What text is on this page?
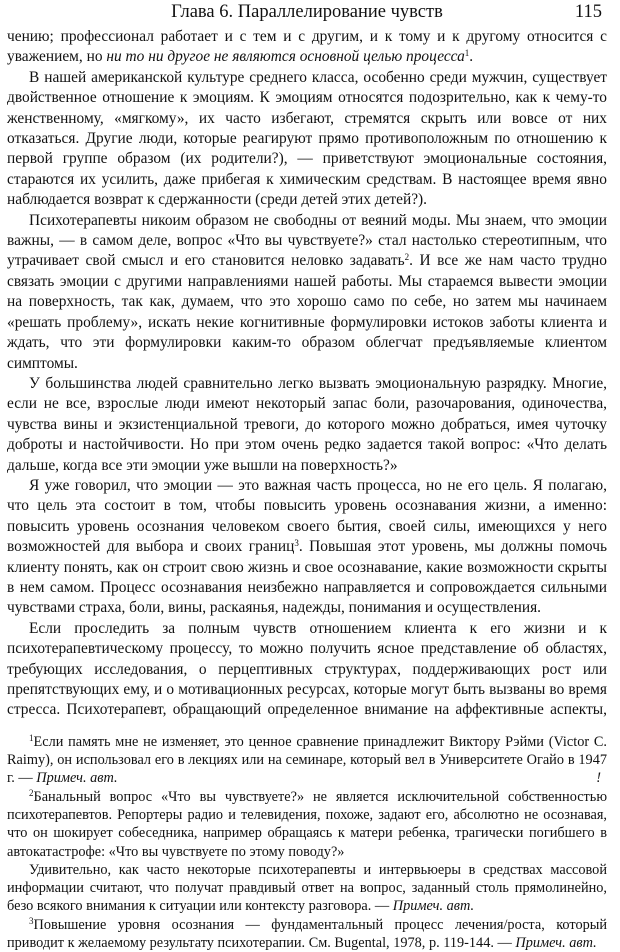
Глава 6. Параллелирование чувств	115

чению; профессионал работает и с тем и с другим, и к тому и к другому относится с уважением, но ни то ни другое не являются основной целью процесса$^1$.

В нашей американской культуре среднего класса, особенно среди мужчин, существует двойственное отношение к эмоциям. К эмоциям относятся подозрительно, как к чему-то женственному, «мягкому», их часто избегают, стремятся скрыть или вовсе от них отказаться. Другие люди, которые реагируют прямо противоположным по отношению к первой группе образом (их родители?), — приветствуют эмоциональные состояния, стараются их усилить, даже прибегая к химическим средствам. В настоящее время явно наблюдается возврат к сдержанности (среди детей этих детей?).

Психотерапевты никоим образом не свободны от веяний моды. Мы знаем, что эмоции важны, — в самом деле, вопрос «Что вы чувствуете?» стал настолько стереотипным, что утрачивает свой смысл и его становится неловко задавать$^2$. И все же нам часто трудно связать эмоции с другими направлениями нашей работы. Мы стараемся вывести эмоции на поверхность, так как, думаем, что это хорошо само по себе, но затем мы начинаем «решать проблему», искать некие когнитивные формулировки истоков заботы клиента и ждать, что эти формулировки каким-то образом облегчат предъявляемые клиентом симптомы.

У большинства людей сравнительно легко вызвать эмоциональную разрядку. Многие, если не все, взрослые люди имеют некоторый запас боли, разочарования, одиночества, чувства вины и экзистенциальной тревоги, до которого можно добраться, имея чуточку доброты и настойчивости. Но при этом очень редко задается такой вопрос: «Что делать дальше, когда все эти эмоции уже вышли на поверхность?»

Я уже говорил, что эмоции — это важная часть процесса, но не его цель. Я полагаю, что цель эта состоит в том, чтобы повысить уровень осознавания жизни, а именно: повысить уровень осознания человеком своего бытия, своей силы, имеющихся у него возможностей для выбора и своих границ$^3$. Повышая этот уровень, мы должны помочь клиенту понять, как он строит свою жизнь и свое осознавание, какие возможности скрыты в нем самом. Процесс осознавания неизбежно направляется и сопровождается сильными чувствами страха, боли, вины, раскаянья, надежды, понимания и осуществления.

Если проследить за полным чувств отношением клиента к его жизни и к психотерапевтическому процессу, то можно получить ясное представление об областях, требующих исследования, о перцептивных структурах, поддерживающих рост или препятствующих ему, и о мотивационных ресурсах, которые могут быть вызваны во время стресса. Психотерапевт, обращающий определенное внимание на аффективные аспекты,

$^1$Если память мне не изменяет, это ценное сравнение принадлежит Виктору Рэйми (Victor C. Raimy), он использовал его в лекциях или на семинаре, который вел в Университете Огайо в 1947 г. — Примеч. авт.	!

$^2$Банальный вопрос «Что вы чувствуете?» не является исключительной собственностью психотерапевтов. Репортеры радио и телевидения, похоже, задают его, абсолютно не осознавая, что он шокирует собеседника, например обращаясь к матери ребенка, трагически погибшего в автокатастрофе: «Что вы чувствуете по этому поводу?»

Удивительно, как часто некоторые психотерапевты и интервьюеры в средствах массовой информации считают, что получат правдивый ответ на вопрос, заданный столь прямолинейно, безо всякого внимания к ситуации или контексту разговора. — Примеч. авт.

$^3$Повышение уровня осознания — фундаментальный процесс лечения/роста, который приводит к желаемому результату психотерапии. См. Bugental, 1978, p. 119-144. — Примеч. авт.
